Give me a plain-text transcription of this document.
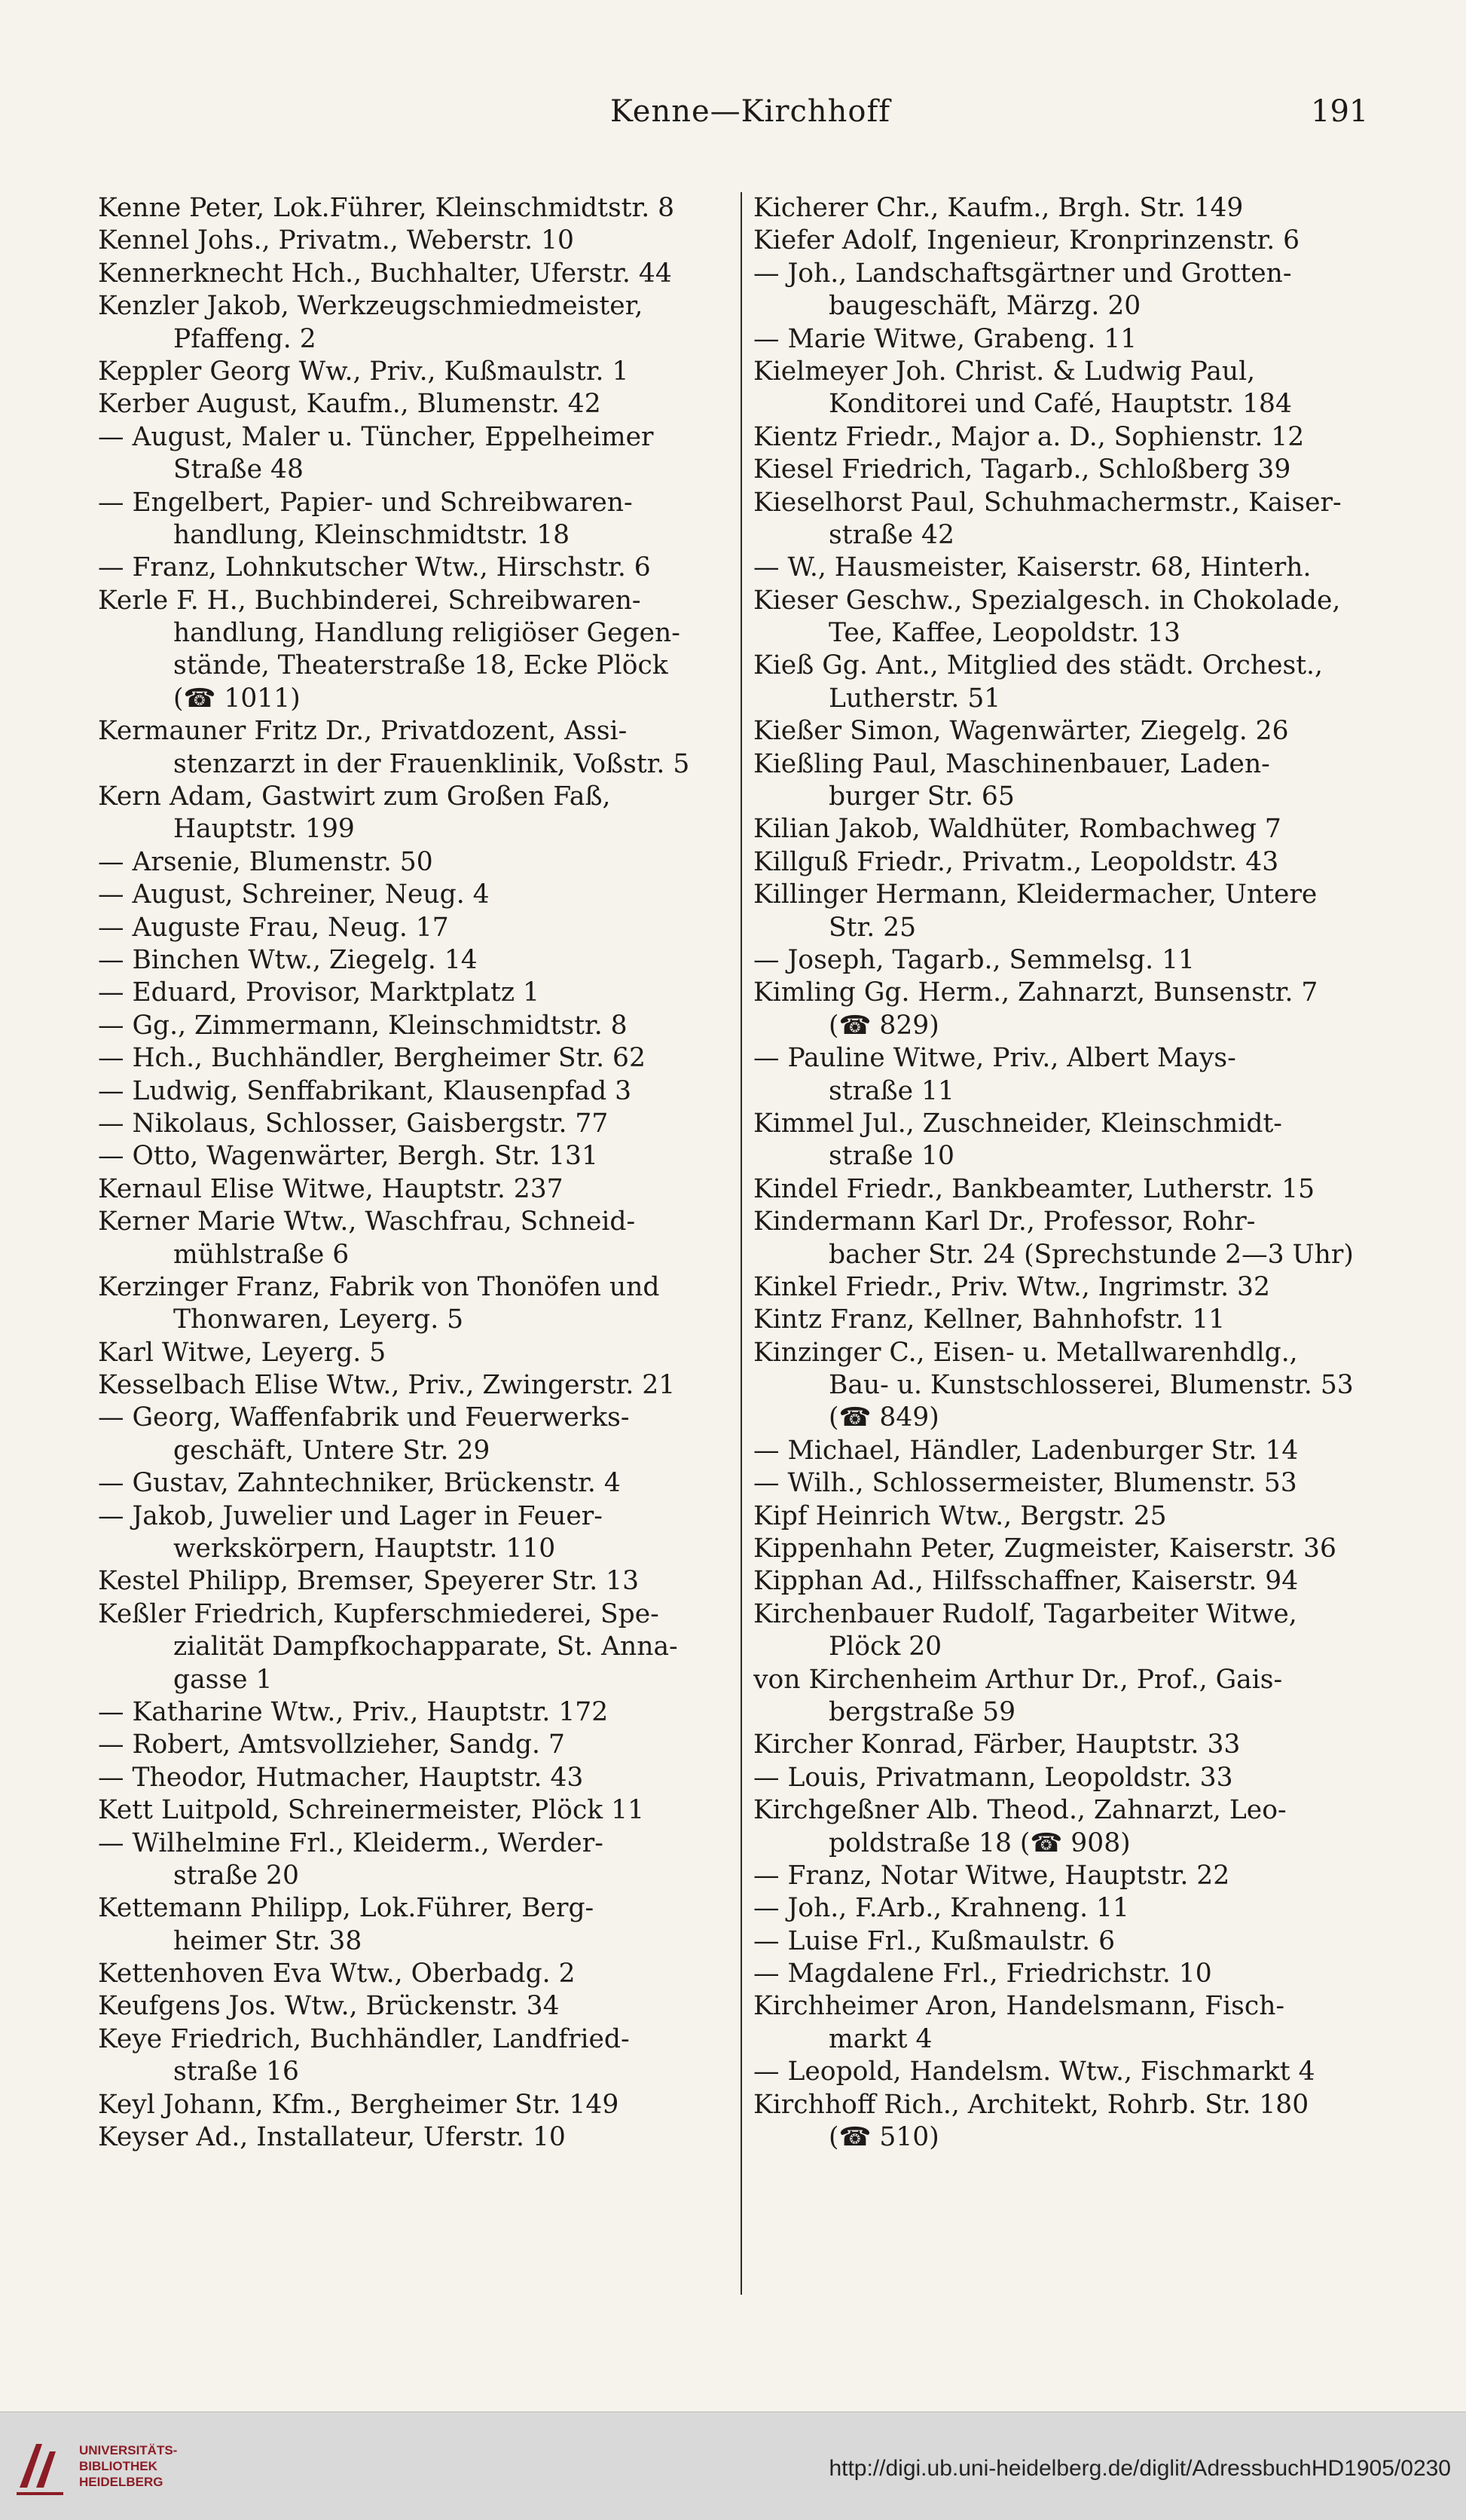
Kenne—Kirchhoff	191
Kenne Peter, Lok.Führer, Kleinschmidtstr. 8
Kennel Johs., Privatm., Weberstr. 10
Kennerknecht Hch., Buchhalter, Uferstr. 44
Kenzler Jakob, Werkzeugschmiedmeister,
Pfaffeng. 2
Keppler Georg Ww., Priv., Kußmaulstr. 1
Kerber August, Kaufm., Blumenstr. 42
— August, Maler u. Tüncher, Eppelheimer
Straße 48
— Engelbert, Papier- und Schreibwaren-
handlung, Kleinschmidtstr. 18
— Franz, Lohnkutscher Wtw., Hirschstr. 6
Kerle F. H., Buchbinderei, Schreibwaren-
handlung, Handlung religiöser Gegen-
stände, Theaterstraße 18, Ecke Plöck
(☎ 1011)
Kermauner Fritz Dr., Privatdozent, Assi-
stenzarzt in der Frauenklinik, Voßstr. 5
Kern Adam, Gastwirt zum Großen Faß,
Hauptstr. 199
— Arsenie, Blumenstr. 50
— August, Schreiner, Neug. 4
— Auguste Frau, Neug. 17
— Binchen Wtw., Ziegelg. 14
— Eduard, Provisor, Marktplatz 1
— Gg., Zimmermann, Kleinschmidtstr. 8
— Hch., Buchhändler, Bergheimer Str. 62
— Ludwig, Senffabrikant, Klausenpfad 3
— Nikolaus, Schlosser, Gaisbergstr. 77
— Otto, Wagenwärter, Bergh. Str. 131
Kernaul Elise Witwe, Hauptstr. 237
Kerner Marie Wtw., Waschfrau, Schneid-
mühlstraße 6
Kerzinger Franz, Fabrik von Thonöfen und
Thonwaren, Leyerg. 5
Karl Witwe, Leyerg. 5
Kesselbach Elise Wtw., Priv., Zwingerstr. 21
— Georg, Waffenfabrik und Feuerwerks-
geschäft, Untere Str. 29
— Gustav, Zahntechniker, Brückenstr. 4
— Jakob, Juwelier und Lager in Feuer-
werkskörpern, Hauptstr. 110
Kestel Philipp, Bremser, Speyerer Str. 13
Keßler Friedrich, Kupferschmiederei, Spe-
zialität Dampfkochapparate, St. Anna-
gasse 1
— Katharine Wtw., Priv., Hauptstr. 172
— Robert, Amtsvollzieher, Sandg. 7
— Theodor, Hutmacher, Hauptstr. 43
Kett Luitpold, Schreinermeister, Plöck 11
— Wilhelmine Frl., Kleiderm., Werder-
straße 20
Kettemann Philipp, Lok.Führer, Berg-
heimer Str. 38
Kettenhoven Eva Wtw., Oberbadg. 2
Keufgens Jos. Wtw., Brückenstr. 34
Keye Friedrich, Buchhändler, Landfried-
straße 16
Keyl Johann, Kfm., Bergheimer Str. 149
Keyser Ad., Installateur, Uferstr. 10
Kicherer Chr., Kaufm., Brgh. Str. 149
Kiefer Adolf, Ingenieur, Kronprinzenstr. 6
— Joh., Landschaftsgärtner und Grotten-
baugeschäft, Märzg. 20
— Marie Witwe, Grabeng. 11
Kielmeyer Joh. Christ. & Ludwig Paul,
Konditorei und Café, Hauptstr. 184
Kientz Friedr., Major a. D., Sophienstr. 12
Kiesel Friedrich, Tagarb., Schloßberg 39
Kieselhorst Paul, Schuhmachermstr., Kaiser-
straße 42
— W., Hausmeister, Kaiserstr. 68, Hinterh.
Kieser Geschw., Spezialgesch. in Chokolade,
Tee, Kaffee, Leopoldstr. 13
Kieß Gg. Ant., Mitglied des städt. Orchest.,
Lutherstr. 51
Kießer Simon, Wagenwärter, Ziegelg. 26
Kießling Paul, Maschinenbauer, Laden-
burger Str. 65
Kilian Jakob, Waldhüter, Rombachweg 7
Killguß Friedr., Privatm., Leopoldstr. 43
Killinger Hermann, Kleidermacher, Untere
Str. 25
— Joseph, Tagarb., Semmelsg. 11
Kimling Gg. Herm., Zahnarzt, Bunsenstr. 7
(☎ 829)
— Pauline Witwe, Priv., Albert Mays-
straße 11
Kimmel Jul., Zuschneider, Kleinschmidt-
straße 10
Kindel Friedr., Bankbeamter, Lutherstr. 15
Kindermann Karl Dr., Professor, Rohr-
bacher Str. 24 (Sprechstunde 2—3 Uhr)
Kinkel Friedr., Priv. Wtw., Ingrimstr. 32
Kintz Franz, Kellner, Bahnhofstr. 11
Kinzinger C., Eisen- u. Metallwarenhdlg.,
Bau- u. Kunstschlosserei, Blumenstr. 53
(☎ 849)
— Michael, Händler, Ladenburger Str. 14
— Wilh., Schlossermeister, Blumenstr. 53
Kipf Heinrich Wtw., Bergstr. 25
Kippenhahn Peter, Zugmeister, Kaiserstr. 36
Kipphan Ad., Hilfsschaffner, Kaiserstr. 94
Kirchenbauer Rudolf, Tagarbeiter Witwe,
Plöck 20
von Kirchenheim Arthur Dr., Prof., Gais-
bergstraße 59
Kircher Konrad, Färber, Hauptstr. 33
— Louis, Privatmann, Leopoldstr. 33
Kirchgeßner Alb. Theod., Zahnarzt, Leo-
poldstraße 18 (☎ 908)
— Franz, Notar Witwe, Hauptstr. 22
— Joh., F.Arb., Krahneng. 11
— Luise Frl., Kußmaulstr. 6
— Magdalene Frl., Friedrichstr. 10
Kirchheimer Aron, Handelsmann, Fisch-
markt 4
— Leopold, Handelsm. Wtw., Fischmarkt 4
Kirchhoff Rich., Architekt, Rohrb. Str. 180
(☎ 510)
UNIVERSITÄTS-
BIBLIOTHEK
HEIDELBERG
http://digi.ub.uni-heidelberg.de/diglit/AdressbuchHD1905/0230
